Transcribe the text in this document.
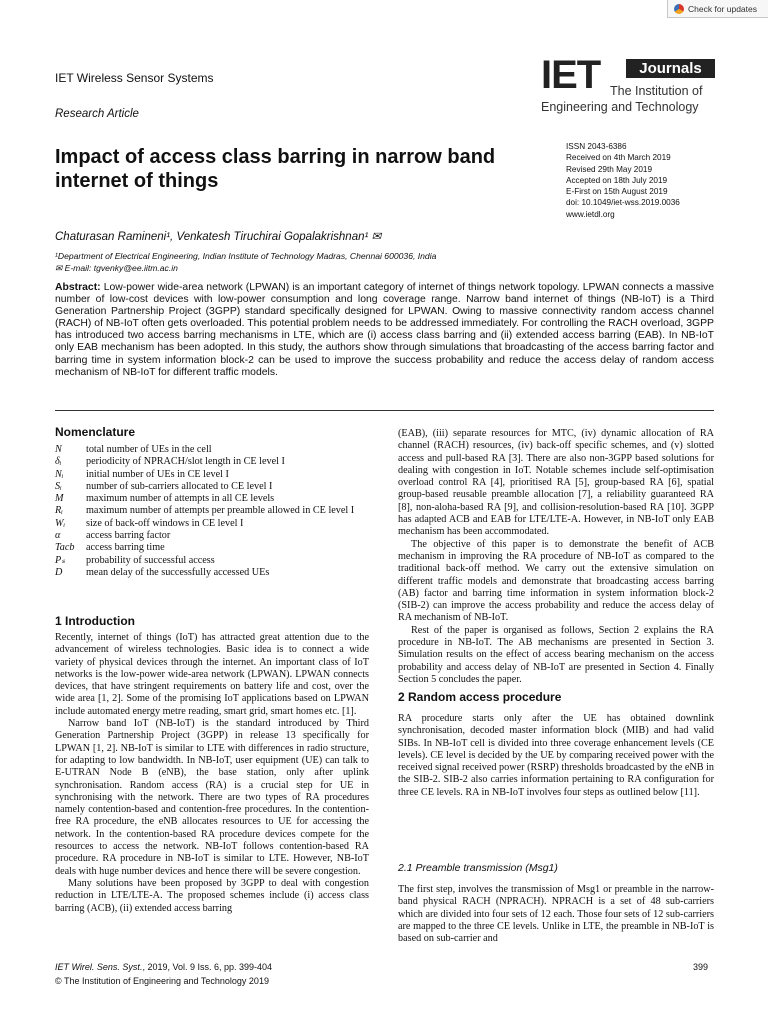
Check for updates
IET Wireless Sensor Systems
Research Article
IET	Journals
The Institution of
Engineering and Technology
Impact of access class barring in narrow band internet of things
ISSN 2043-6386
Received on 4th March 2019
Revised 29th May 2019
Accepted on 18th July 2019
E-First on 15th August 2019
doi: 10.1049/iet-wss.2019.0036
www.ietdl.org
Chaturasan Ramineni¹, Venkatesh Tiruchirai Gopalakrishnan¹ ✉
¹Department of Electrical Engineering, Indian Institute of Technology Madras, Chennai 600036, India
✉ E-mail: tgvenky@ee.iitm.ac.in
Abstract: Low-power wide-area network (LPWAN) is an important category of internet of things network topology. LPWAN connects a massive number of low-cost devices with low-power consumption and long coverage range. Narrow band internet of things (NB-IoT) is a Third Generation Partnership Project (3GPP) standard specifically designed for LPWAN. Owing to massive connectivity random access channel (RACH) of NB-IoT often gets overloaded. This potential problem needs to be addressed immediately. For controlling the RACH overload, 3GPP has introduced two access barring mechanisms in LTE, which are (i) access class barring and (ii) extended access barring (EAB). In NB-IoT only EAB mechanism has been adopted. In this study, the authors show through simulations that broadcasting of the access barring factor and barring time in system information block-2 can be used to improve the success probability and reduce the access delay of random access mechanism of NB-IoT for different traffic models.
Nomenclature
N	total number of UEs in the cell
δᵢ	periodicity of NPRACH/slot length in CE level I
Nᵢ	initial number of UEs in CE level I
Sᵢ	number of sub-carriers allocated to CE level I
M	maximum number of attempts in all CE levels
Rᵢ	maximum number of attempts per preamble allowed in CE level I
Wᵢ	size of back-off windows in CE level I
α	access barring factor
Tacb	access barring time
Pₛ	probability of successful access
D	mean delay of the successfully accessed UEs
1 Introduction

Recently, internet of things (IoT) has attracted great attention due to the advancement of wireless technologies. Basic idea is to connect a wide variety of physical devices through the internet. An important class of IoT networks is the low-power wide-area network (LPWAN). LPWAN connects devices, that have stringent requirements on battery life and cost, over the wide area [1, 2]. Some of the promising IoT applications based on LPWAN include automated energy metre reading, smart grid, smart homes etc. [1].

Narrow band IoT (NB-IoT) is the standard introduced by Third Generation Partnership Project (3GPP) in release 13 specifically for LPWAN [1, 2]. NB-IoT is similar to LTE with differences in radio structure, for adapting to low bandwidth. In NB-IoT, user equipment (UE) can talk to E-UTRAN Node B (eNB), the base station, only after uplink synchronisation. Random access (RA) is a crucial step for UE in synchronising with the network. There are two types of RA procedures namely contention-based and contention-free procedures. In the contention-free RA procedure, the eNB allocates resources to UE for accessing the network. In the contention-based RA procedure devices compete for the resources to access the network. NB-IoT follows contention-based RA procedure. RA procedure in NB-IoT is similar to LTE. However, NB-IoT deals with huge number devices and hence there will be severe congestion.

Many solutions have been proposed by 3GPP to deal with congestion reduction in LTE/LTE-A. The proposed schemes include (i) access class barring (ACB), (ii) extended access barring

(EAB), (iii) separate resources for MTC, (iv) dynamic allocation of RA channel (RACH) resources, (iv) back-off specific schemes, and (v) slotted access and pull-based RA [3]. There are also non-3GPP based solutions for dealing with congestion in IoT. Notable schemes include self-optimisation overload control RA [4], prioritised RA [5], group-based RA [6], spatial group-based reusable preamble allocation [7], a reliability guaranteed RA [8], non-aloha-based RA [9], and collision-resolution-based RA [10]. 3GPP has adapted ACB and EAB for LTE/LTE-A. However, in NB-IoT only EAB mechanism has been accommodated.

The objective of this paper is to demonstrate the benefit of ACB mechanism in improving the RA procedure of NB-IoT as compared to the traditional back-off method. We carry out the extensive simulation on different traffic models and demonstrate that broadcasting access barring (AB) factor and barring time information in system information block-2 (SIB-2) can improve the access probability and reduce the access delay of RA mechanism of NB-IoT.

Rest of the paper is organised as follows, Section 2 explains the RA procedure in NB-IoT. The AB mechanisms are presented in Section 3. Simulation results on the effect of access bearing mechanism on the access probability and access delay of NB-IoT are presented in Section 4. Finally Section 5 concludes the paper.

2 Random access procedure

RA procedure starts only after the UE has obtained downlink synchronisation, decoded master information block (MIB) and had valid SIBs. In NB-IoT cell is divided into three coverage enhancement levels (CE levels). CE level is decided by the UE by comparing received power with the received signal received power (RSRP) thresholds broadcasted by the eNB in the SIB-2. SIB-2 also carries information pertaining to RA configuration for three CE levels. RA in NB-IoT involves four steps as outlined below [11].

2.1 Preamble transmission (Msg1)

The first step, involves the transmission of Msg1 or preamble in the narrow-band physical RACH (NPRACH). NPRACH is a set of 48 sub-carriers which are divided into four sets of 12 each. Those four sets of 12 sub-carriers are mapped to the three CE levels. Unlike in LTE, the preamble in NB-IoT is based on sub-carrier and

IET Wirel. Sens. Syst., 2019, Vol. 9 Iss. 6, pp. 399-404
© The Institution of Engineering and Technology 2019
399
